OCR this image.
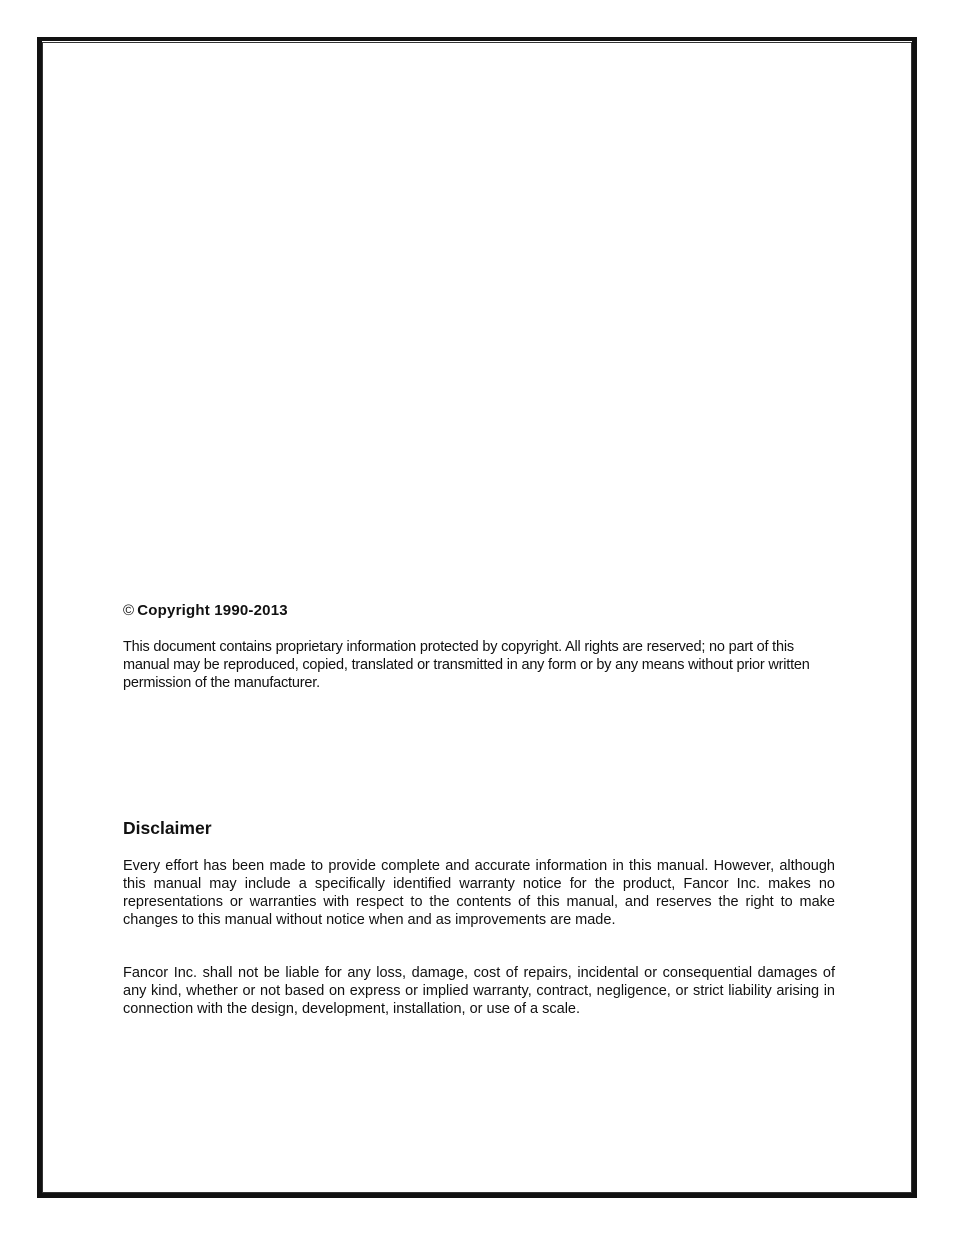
© Copyright 1990-2013
This document contains proprietary information protected by copyright. All rights are reserved; no part of this manual may be reproduced, copied, translated or transmitted in any form or by any means without prior written permission of the manufacturer.
Disclaimer
Every effort has been made to provide complete and accurate information in this manual. However, although this manual may include a specifically identified warranty notice for the product, Fancor Inc. makes no representations or warranties with respect to the contents of this manual, and reserves the right to make changes to this manual without notice when and as improvements are made.
Fancor Inc. shall not be liable for any loss, damage, cost of repairs, incidental or consequential damages of any kind, whether or not based on express or implied warranty, contract, negligence, or strict liability arising in connection with the design, development, installation, or use of a scale.
